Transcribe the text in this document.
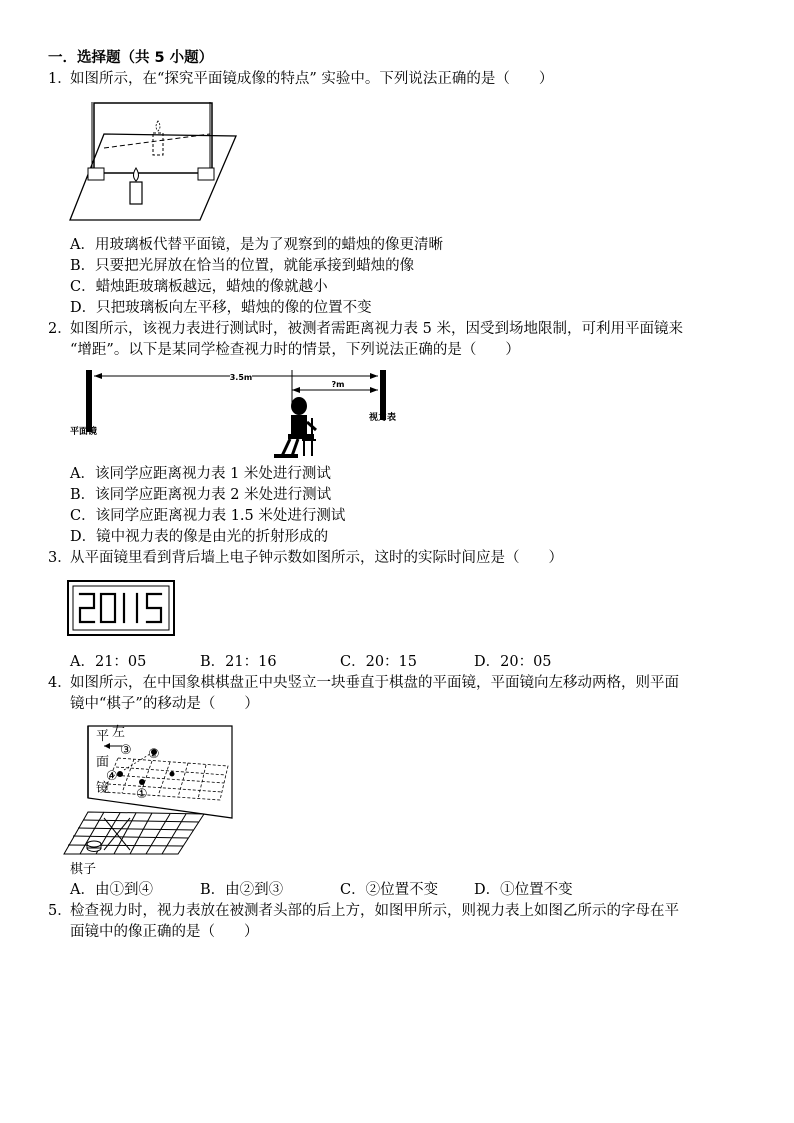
一．选择题（共 5 小题）
1．
如图所示，在“探究平面镜成像的特点” 实验中。下列说法正确的是（　　）
A．用玻璃板代替平面镜，是为了观察到的蜡烛的像更清晰
B．只要把光屏放在恰当的位置，就能承接到蜡烛的像
C．蜡烛距玻璃板越远，蜡烛的像就越小
D．只把玻璃板向左平移，蜡烛的像的位置不变
2．
如图所示，该视力表进行测试时，被测者需距离视力表 5 米，因受到场地限制，可利用平面镜来
“增距”。以下是某同学检查视力时的情景，下列说法正确的是（　　）
3.5m
?m
平面镜
视力表
A．该同学应距离视力表 1 米处进行测试
B．该同学应距离视力表 2 米处进行测试
C．该同学应距离视力表 1.5 米处进行测试
D．镜中视力表的像是由光的折射形成的
3．
从平面镜里看到背后墙上电子钟示数如图所示，这时的实际时间应是（　　）
A．21：05	B．21：16	C．20：15	D．20：05
4．
如图所示，在中国象棋棋盘正中央竖立一块垂直于棋盘的平面镜，平面镜向左移动两格，则平面
镜中“棋子”的移动是（　　）
平 左
面
镜
③ ②
④
①
棋子
A．由①到④	B．由②到③	C．②位置不变 D．①位置不变
5．
检查视力时，视力表放在被测者头部的后上方，如图甲所示，则视力表上如图乙所示的字母在平
面镜中的像正确的是（　　）
